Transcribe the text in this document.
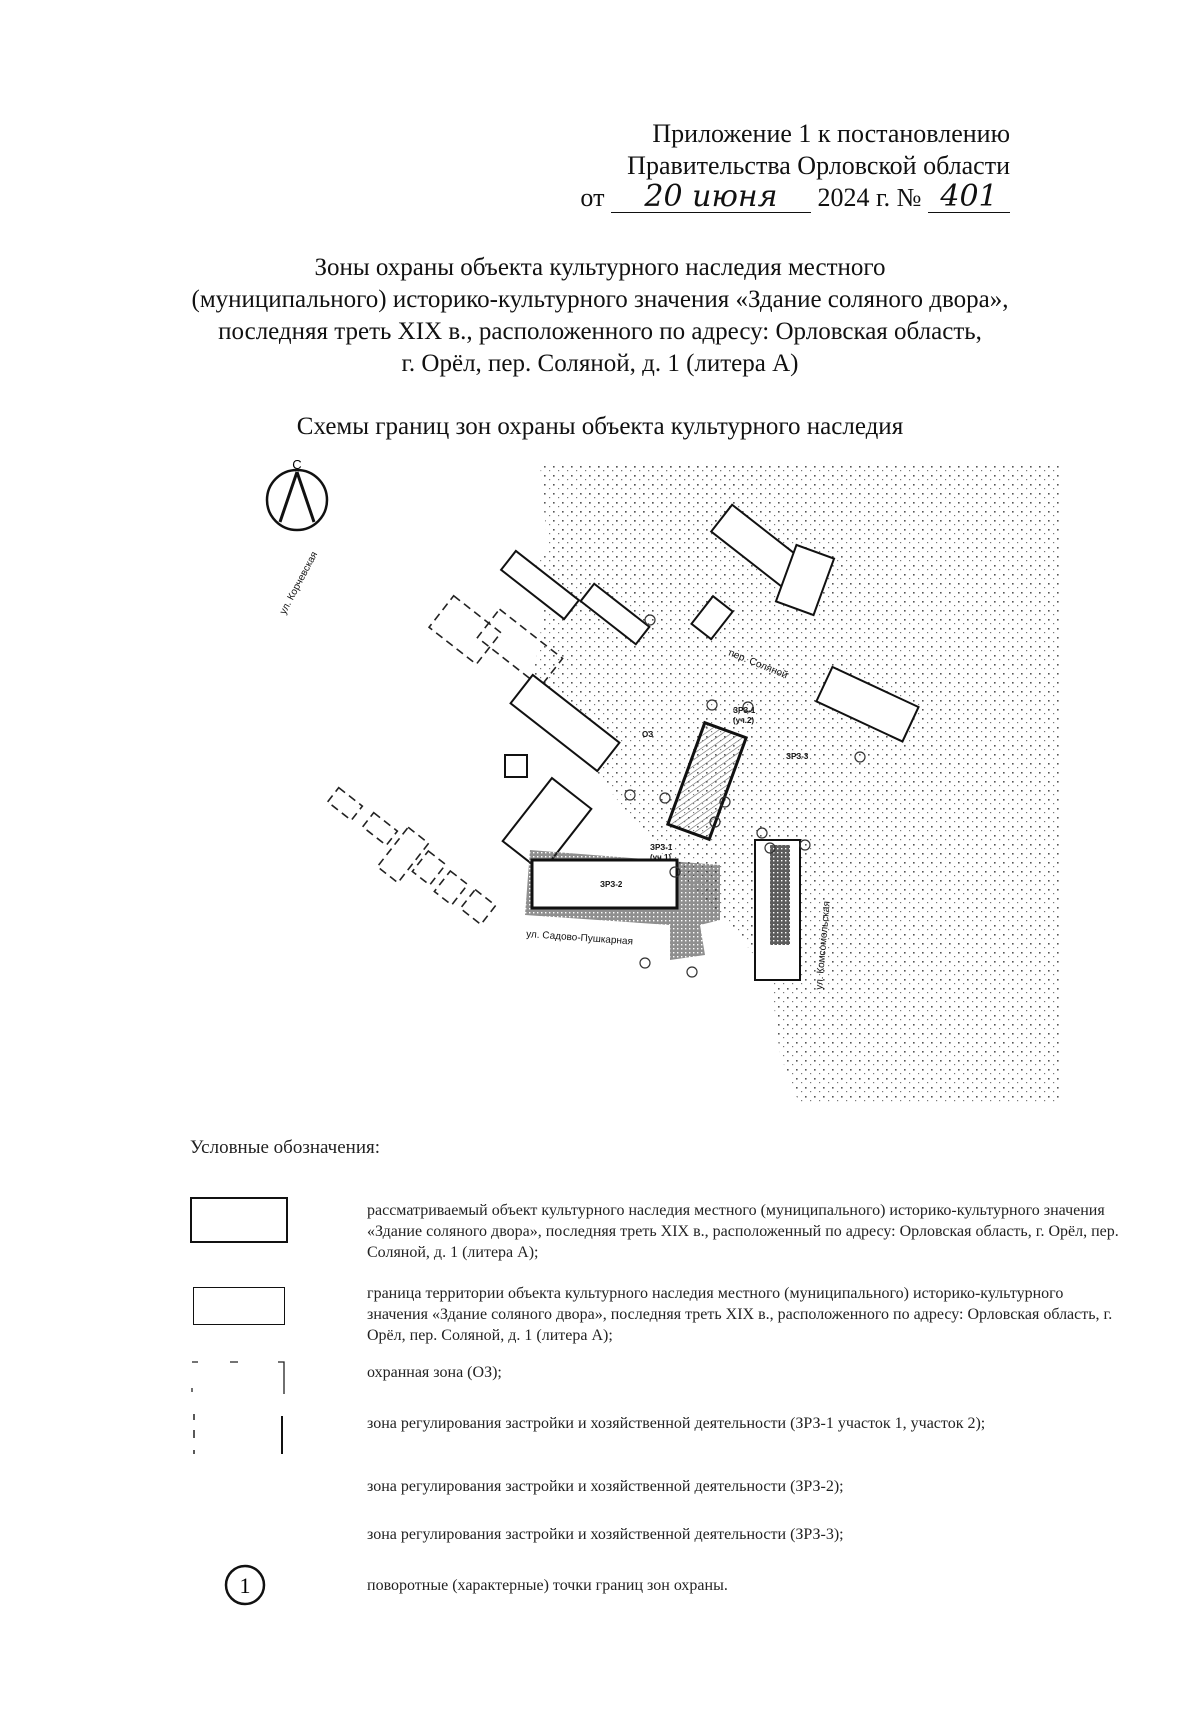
Приложение 1 к постановлению
Правительства Орловской области
от 20 июня 2024 г. № 401
Зоны охраны объекта культурного наследия местного
(муниципального) историко-культурного значения «Здание соляного двора»,
последняя треть XIX в., расположенного по адресу: Орловская область,
г. Орёл, пер. Соляной, д. 1 (литера А)
Схемы границ зон охраны объекта культурного наследия
С
ул. Корчевская
пер. Соляной
ул. Садово-Пушкарная	ул. Комсомольская
ОЗ
ЗРЗ-1
(уч.2)
ЗРЗ-3
ЗРЗ-1
(уч.1)
ЗРЗ-2
Условные обозначения:
рассматриваемый объект культурного наследия местного (муниципального) историко-культурного значения «Здание соляного двора», последняя треть XIX в., расположенный по адресу: Орловская область, г. Орёл, пер. Соляной, д. 1 (литера А);
граница территории объекта культурного наследия местного (муниципального) историко-культурного значения «Здание соляного двора», последняя треть XIX в., расположенного по адресу: Орловская область, г. Орёл, пер. Соляной, д. 1 (литера А);
охранная зона (ОЗ);
зона регулирования застройки и хозяйственной деятельности (ЗРЗ-1 участок 1, участок 2);
зона регулирования застройки и хозяйственной деятельности (ЗРЗ-2);
зона регулирования застройки и хозяйственной деятельности (ЗРЗ-3);
1	поворотные (характерные) точки границ зон охраны.
